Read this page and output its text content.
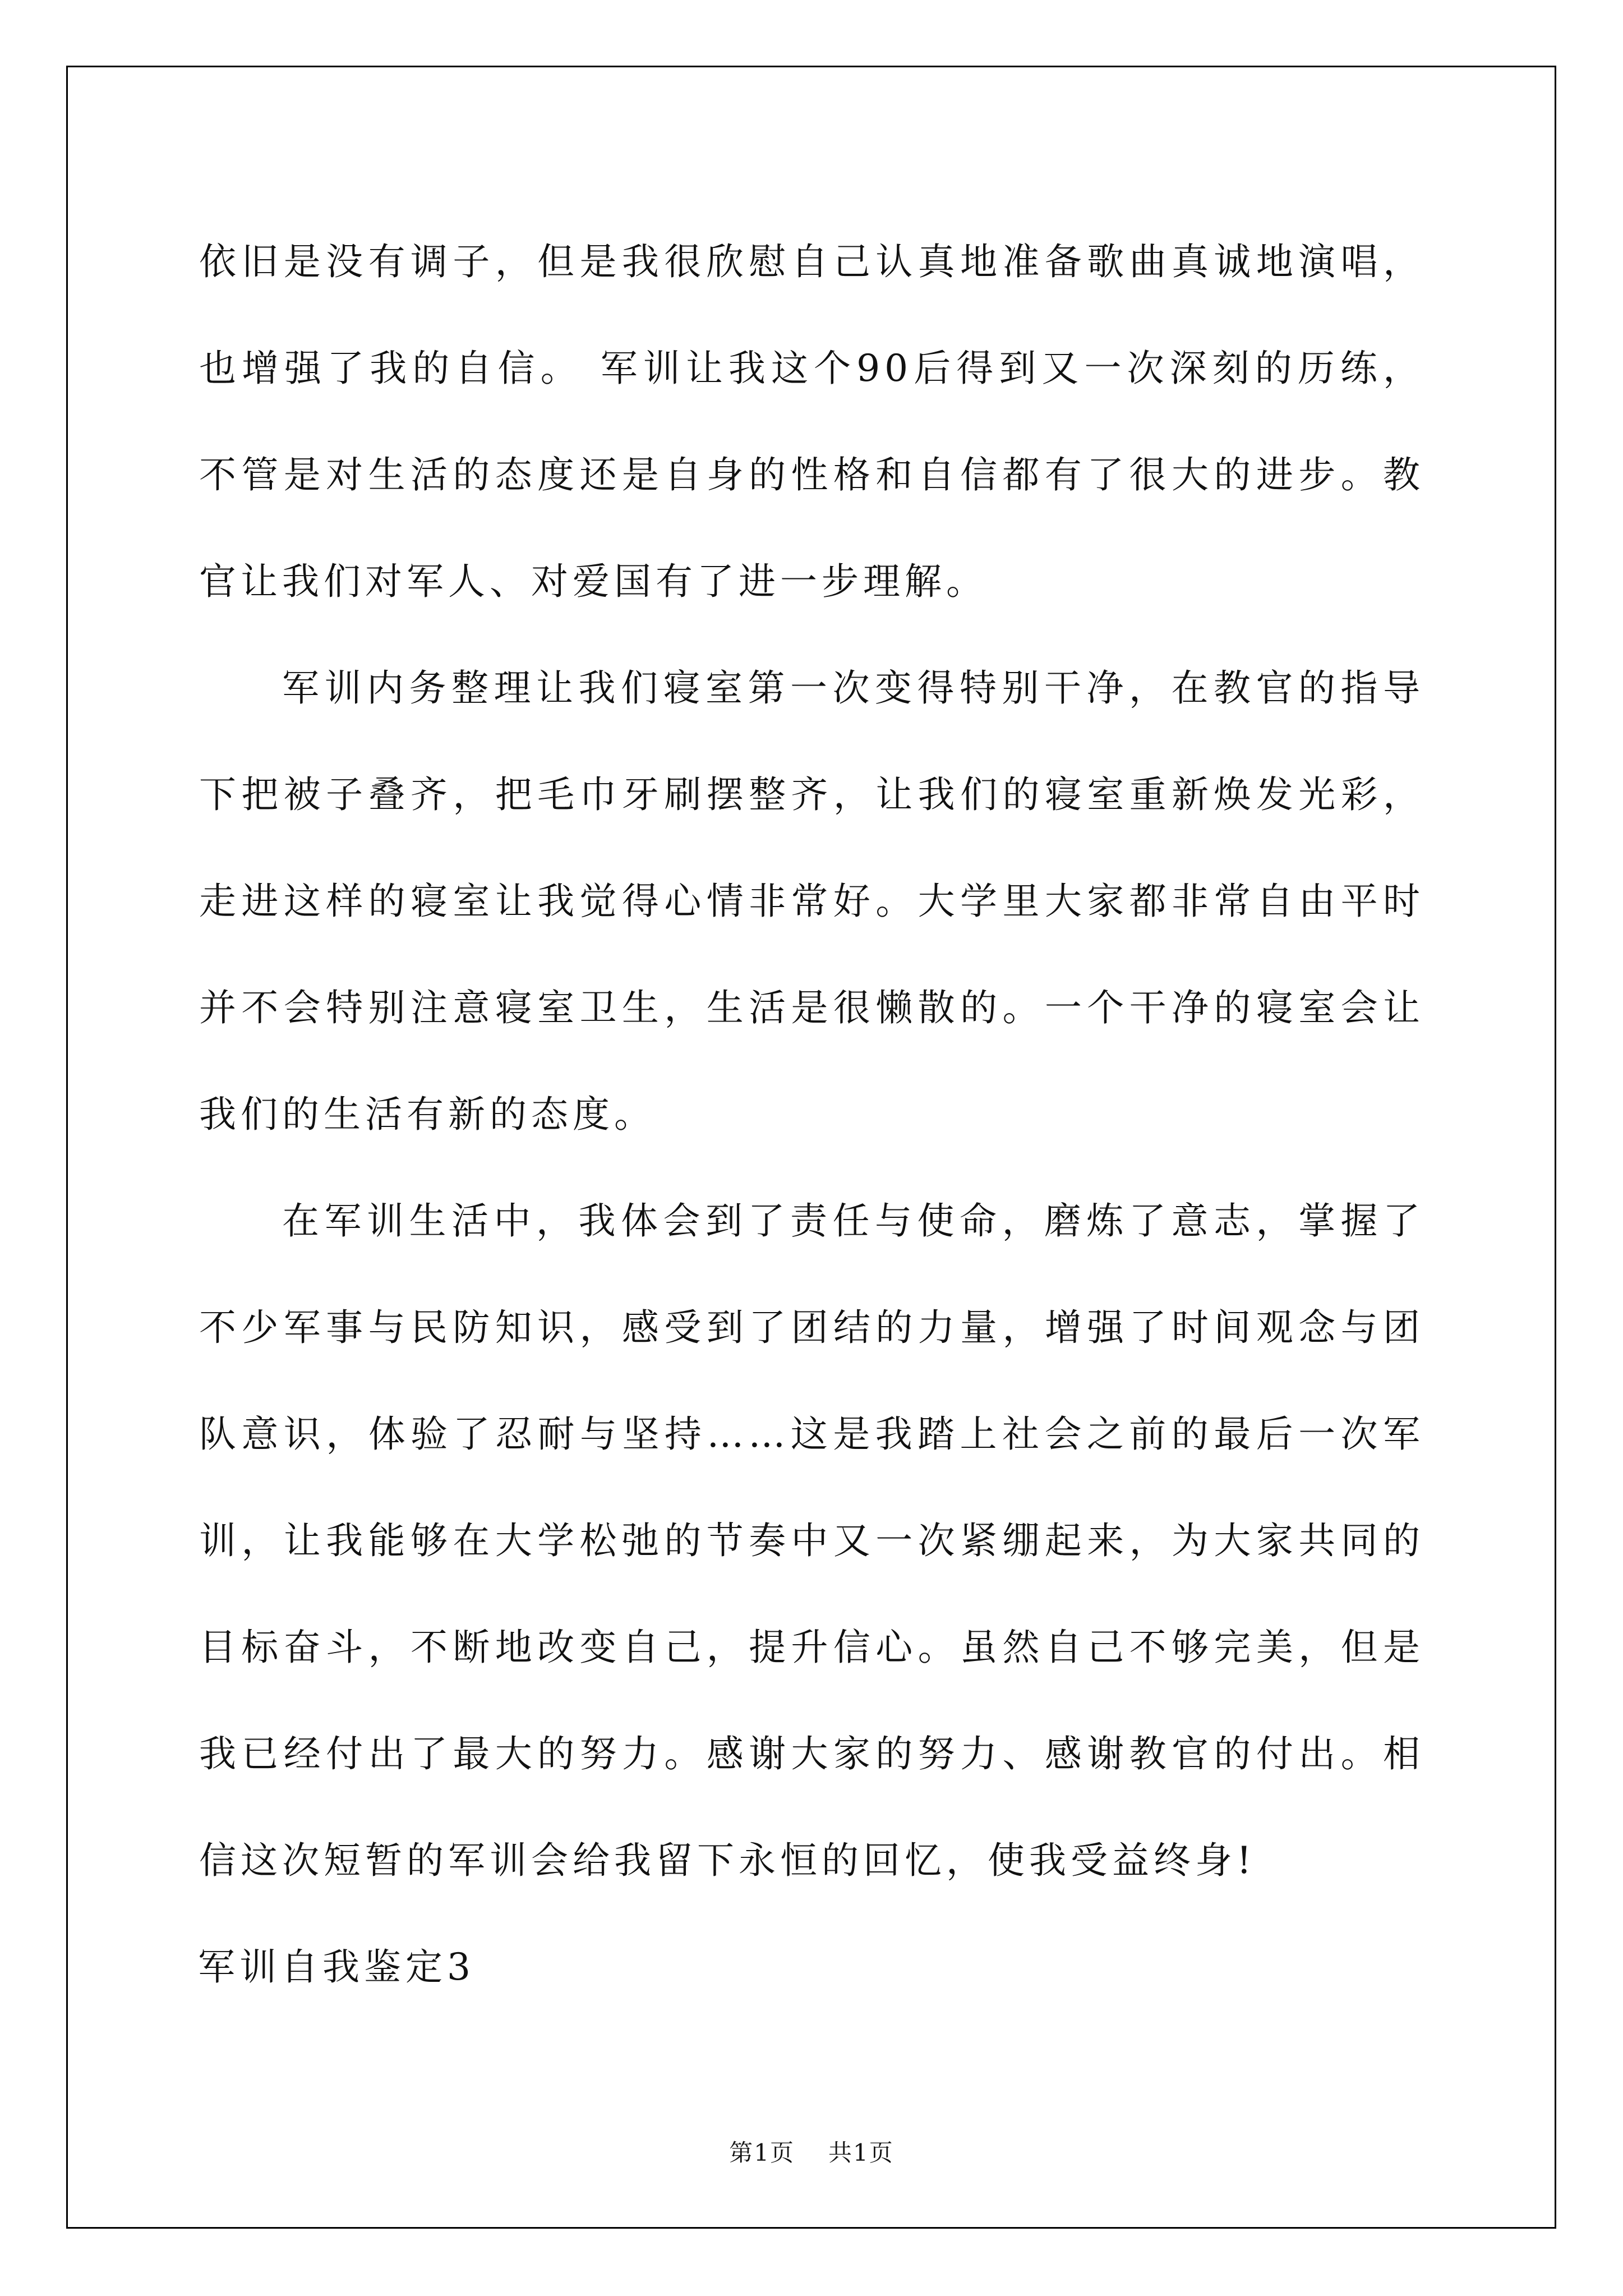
依旧是没有调子，但是我很欣慰自己认真地准备歌曲真诚地演唱，也增强了我的自信。 军训让我这个90后得到又一次深刻的历练，不管是对生活的态度还是自身的性格和自信都有了很大的进步。教官让我们对军人、对爱国有了进一步理解。

军训内务整理让我们寝室第一次变得特别干净，在教官的指导下把被子叠齐，把毛巾牙刷摆整齐，让我们的寝室重新焕发光彩，走进这样的寝室让我觉得心情非常好。大学里大家都非常自由平时并不会特别注意寝室卫生，生活是很懒散的。一个干净的寝室会让我们的生活有新的态度。

在军训生活中，我体会到了责任与使命，磨炼了意志，掌握了不少军事与民防知识，感受到了团结的力量，增强了时间观念与团队意识，体验了忍耐与坚持……这是我踏上社会之前的最后一次军训，让我能够在大学松弛的节奏中又一次紧绷起来，为大家共同的目标奋斗，不断地改变自己，提升信心。虽然自己不够完美，但是我已经付出了最大的努力。感谢大家的努力、感谢教官的付出。相信这次短暂的军训会给我留下永恒的回忆，使我受益终身!

军训自我鉴定3

第1页 共1页
